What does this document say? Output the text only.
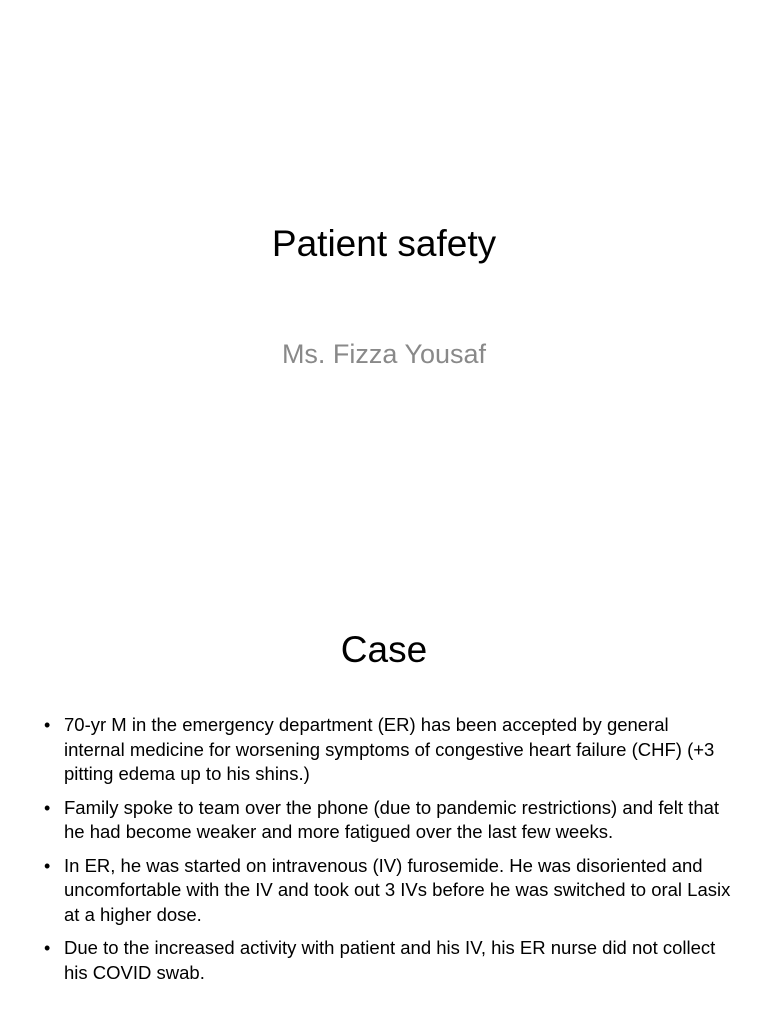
Patient safety

Ms. Fizza Yousaf

Case
• 70-yr M in the emergency department (ER) has been accepted by general internal medicine for worsening symptoms of congestive heart failure (CHF) (+3 pitting edema up to his shins.)
• Family spoke to team over the phone (due to pandemic restrictions) and felt that he had become weaker and more fatigued over the last few weeks.
• In ER, he was started on intravenous (IV) furosemide. He was disoriented and uncomfortable with the IV and took out 3 IVs before he was switched to oral Lasix at a higher dose.
• Due to the increased activity with patient and his IV, his ER nurse did not collect his COVID swab.
